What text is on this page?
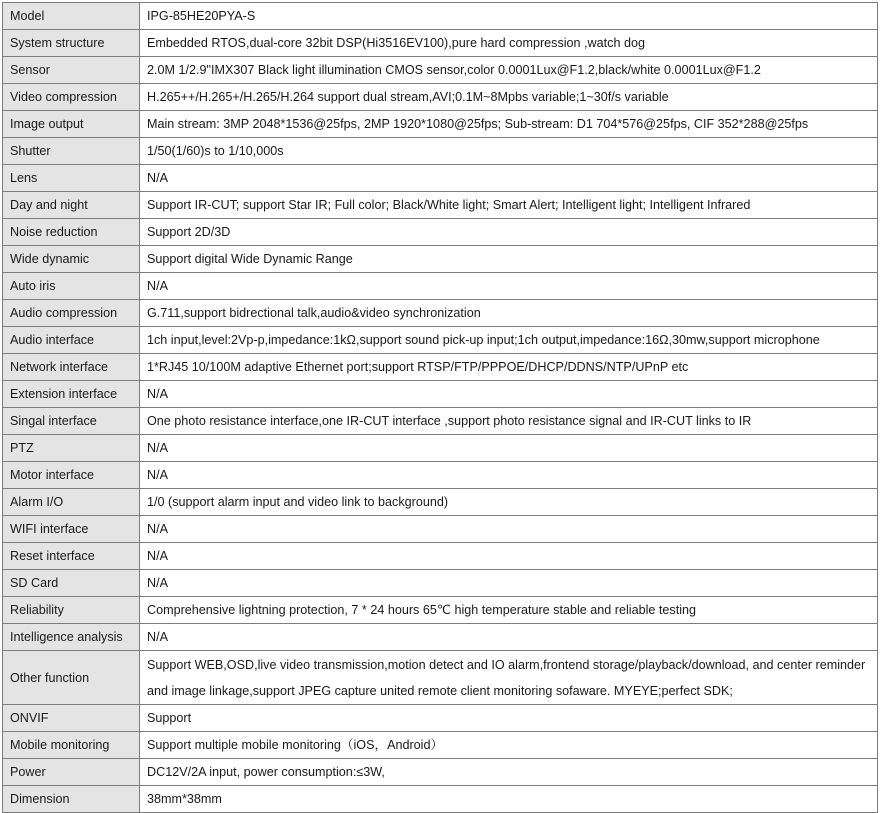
Model	IPG-85HE20PYA-S
System structure	Embedded RTOS,dual-core 32bit DSP(Hi3516EV100),pure hard compression ,watch dog
Sensor	2.0M 1/2.9"IMX307 Black light illumination CMOS sensor,color 0.0001Lux@F1.2,black/white 0.0001Lux@F1.2
Video compression	H.265++/H.265+/H.265/H.264 support dual stream,AVI;0.1M~8Mpbs variable;1~30f/s variable
Image output	Main stream: 3MP 2048*1536@25fps, 2MP 1920*1080@25fps; Sub-stream: D1 704*576@25fps, CIF 352*288@25fps
Shutter	1/50(1/60)s to 1/10,000s
Lens	N/A
Day and night	Support IR-CUT; support Star IR; Full color; Black/White light; Smart Alert; Intelligent light; Intelligent Infrared
Noise reduction	Support 2D/3D
Wide dynamic	Support digital Wide Dynamic Range
Auto iris	N/A
Audio compression	G.711,support bidrectional talk,audio&video synchronization
Audio interface	1ch input,level:2Vp-p,impedance:1kΩ,support sound pick-up input;1ch output,impedance:16Ω,30mw,support microphone
Network interface	1*RJ45 10/100M adaptive Ethernet port;support RTSP/FTP/PPPOE/DHCP/DDNS/NTP/UPnP etc
Extension interface	N/A
Singal interface	One photo resistance interface,one IR-CUT interface ,support photo resistance signal and IR-CUT links to IR
PTZ	N/A
Motor interface	N/A
Alarm I/O	1/0 (support alarm input and video link to background)
WIFI interface	N/A
Reset interface	N/A
SD Card	N/A
Reliability	Comprehensive lightning protection, 7 * 24 hours 65℃ high temperature stable and reliable testing
Intelligence analysis	N/A
Other function	Support WEB,OSD,live video transmission,motion detect and IO alarm,frontend storage/playback/download, and center reminder and image linkage,support JPEG capture united remote client monitoring sofaware. MYEYE;perfect SDK;
ONVIF	Support
Mobile monitoring	Support multiple mobile monitoring（iOS，Android）
Power	DC12V/2A input, power consumption:≤3W,
Dimension	38mm*38mm
